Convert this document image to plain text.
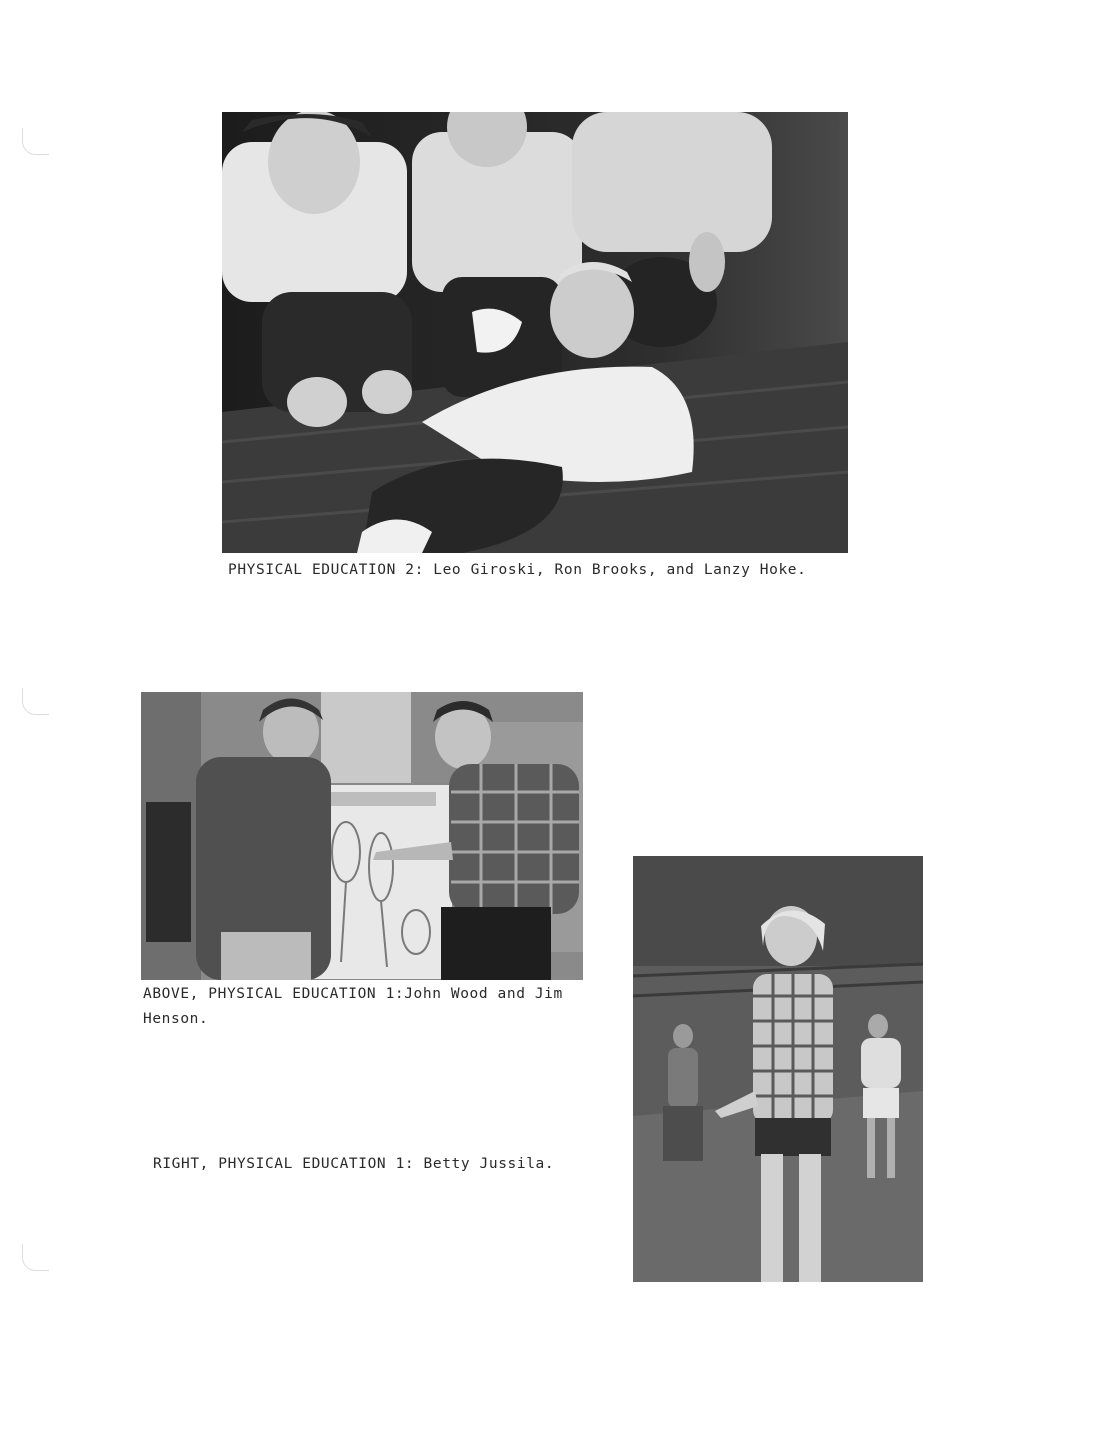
PHYSICAL EDUCATION 2: Leo Giroski, Ron Brooks, and Lanzy Hoke.
ABOVE, PHYSICAL EDUCATION 1:John Wood and Jim
Henson.
RIGHT, PHYSICAL EDUCATION 1: Betty Jussila.
